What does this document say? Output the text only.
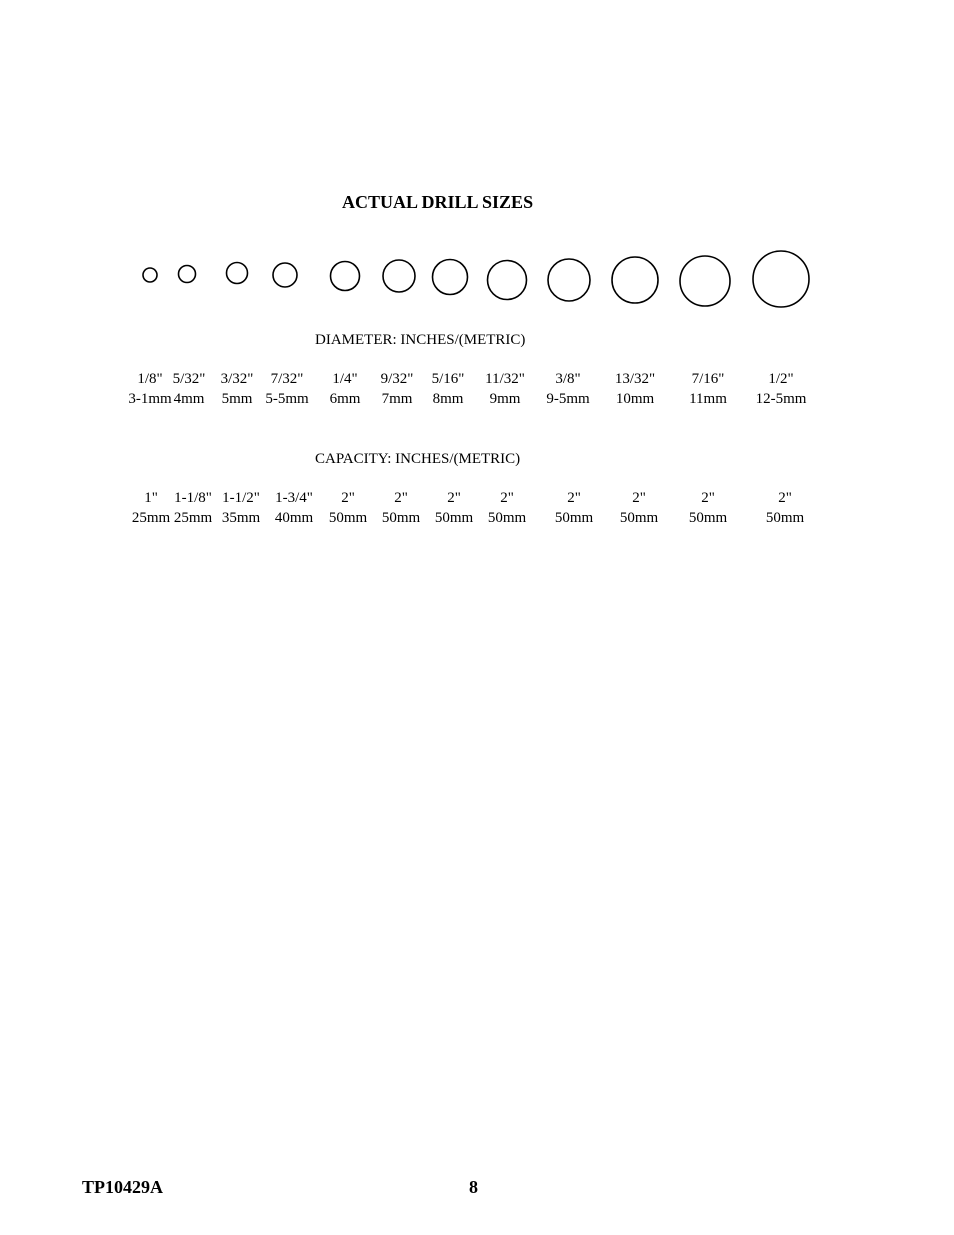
ACTUAL DRILL SIZES
DIAMETER: INCHES/(METRIC)
1/8"
3-1mm
5/32"
4mm
3/32"
5mm
7/32"
5-5mm
1/4"
6mm
9/32"
7mm
5/16"
8mm
11/32"
9mm
3/8"
9-5mm
13/32"
10mm
7/16"
11mm
1/2"
12-5mm
CAPACITY: INCHES/(METRIC)
1"
25mm
1-1/8"
25mm
1-1/2"
35mm
1-3/4"
40mm
2"
50mm
2"
50mm
2"
50mm
2"
50mm
2"
50mm
2"
50mm
2"
50mm
2"
50mm
TP10429A	8
